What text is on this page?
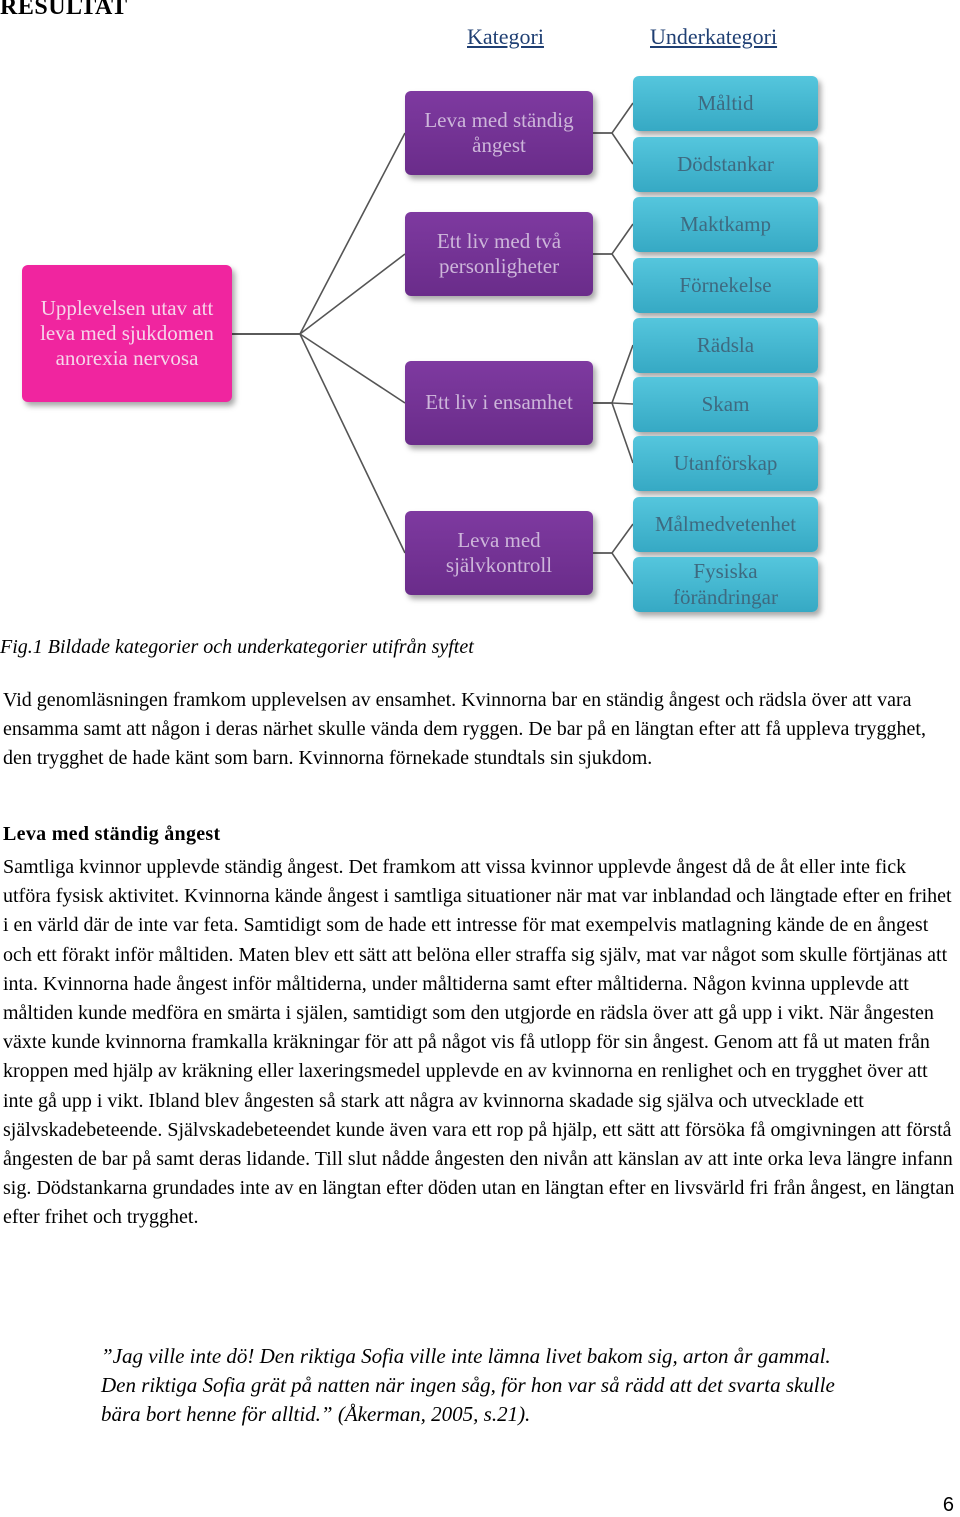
RESULTAT
Kategori	Underkategori
Upplevelsen utav att leva med sjukdomen anorexia nervosa
Leva med ständig ångest
Ett liv med två personligheter
Ett liv i ensamhet
Leva med självkontroll
Måltid
Dödstankar
Maktkamp
Förnekelse
Rädsla
Skam
Utanförskap
Målmedvetenhet
Fysiska förändringar
Fig.1 Bildade kategorier och underkategorier utifrån syftet
Vid genomläsningen framkom upplevelsen av ensamhet. Kvinnorna bar en ständig ångest och rädsla över att vara ensamma samt att någon i deras närhet skulle vända dem ryggen. De bar på en längtan efter att få uppleva trygghet, den trygghet de hade känt som barn. Kvinnorna förnekade stundtals sin sjukdom.
Leva med ständig ångest
Samtliga kvinnor upplevde ständig ångest. Det framkom att vissa kvinnor upplevde ångest då de åt eller inte fick utföra fysisk aktivitet. Kvinnorna kände ångest i samtliga situationer när mat var inblandad och längtade efter en frihet i en värld där de inte var feta. Samtidigt som de hade ett intresse för mat exempelvis matlagning kände de en ångest och ett förakt inför måltiden. Maten blev ett sätt att belöna eller straffa sig själv, mat var något som skulle förtjänas att inta. Kvinnorna hade ångest inför måltiderna, under måltiderna samt efter måltiderna. Någon kvinna upplevde att måltiden kunde medföra en smärta i själen, samtidigt som den utgjorde en rädsla över att gå upp i vikt. När ångesten växte kunde kvinnorna framkalla kräkningar för att på något vis få utlopp för sin ångest. Genom att få ut maten från kroppen med hjälp av kräkning eller laxeringsmedel upplevde en av kvinnorna en renlighet och en trygghet över att inte gå upp i vikt. Ibland blev ångesten så stark att några av kvinnorna skadade sig själva och utvecklade ett självskadebeteende. Självskadebeteendet kunde även vara ett rop på hjälp, ett sätt att försöka få omgivningen att förstå ångesten de bar på samt deras lidande. Till slut nådde ångesten den nivån att känslan av att inte orka leva längre infann sig. Dödstankarna grundades inte av en längtan efter döden utan en längtan efter en livsvärld fri från ångest, en längtan efter frihet och trygghet.
”Jag ville inte dö! Den riktiga Sofia ville inte lämna livet bakom sig, arton år gammal. Den riktiga Sofia grät på natten när ingen såg, för hon var så rädd att det svarta skulle bära bort henne för alltid.” (Åkerman, 2005, s.21).
6
